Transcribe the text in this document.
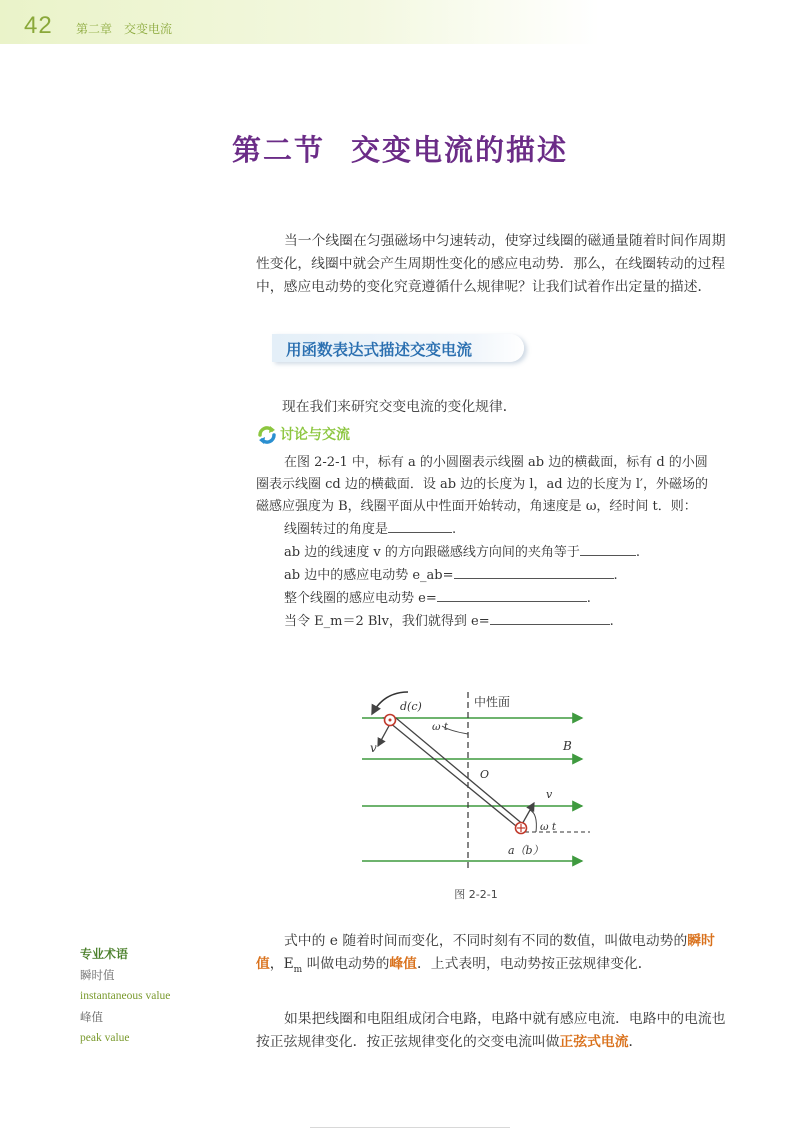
42 第二章 交变电流
第二节 交变电流的描述

当一个线圈在匀强磁场中匀速转动，使穿过线圈的磁通量随着时间作周期性变化，线圈中就会产生周期性变化的感应电动势．那么，在线圈转动的过程中，感应电动势的变化究竟遵循什么规律呢？让我们试着作出定量的描述．

用函数表达式描述交变电流

现在我们来研究交变电流的变化规律．

讨论与交流

在图 2-2-1 中，标有 a 的小圆圈表示线圈 ab 边的横截面，标有 d 的小圆圈表示线圈 cd 边的横截面．设 ab 边的长度为 l，ad 边的长度为 l′，外磁场的磁感应强度为 B，线圈平面从中性面开始转动，角速度是 ω，经时间 t．则：

线圈转过的角度是	.

ab 边的线速度 v 的方向跟磁感线方向间的夹角等于	.

ab 边中的感应电动势 e_ab=	.

整个线圈的感应电动势 e=	.

当令 E_m＝2 Blv，我们就得到 e=	.

d(c)	中性面
ω t
v	B
O
v
ω t
a（b）
图 2-2-1

式中的 e 随着时间而变化，不同时刻有不同的数值，叫做电动势的瞬时值，$E_m$ 叫做电动势的峰值．上式表明，电动势按正弦规律变化．

如果把线圈和电阻组成闭合电路，电路中就有感应电流．电路中的电流也按正弦规律变化．按正弦规律变化的交变电流叫做正弦式电流．

专业术语
瞬时值
instantaneous value
峰值
peak value
